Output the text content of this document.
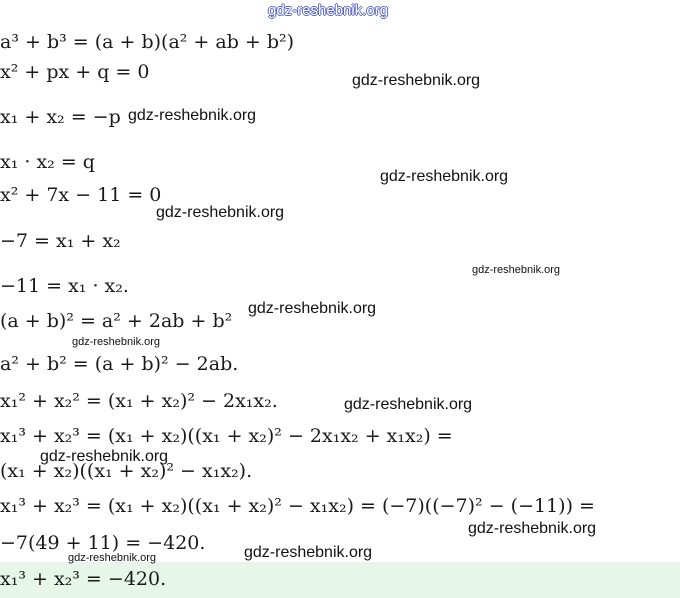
gdz-reshebnik.org
a³ + b³ = (a + b)(a² + ab + b²)
x² + px + q = 0
x₁ + x₂ = −p
x₁ · x₂ = q
x² + 7x − 11 = 0
−7 = x₁ + x₂
−11 = x₁ · x₂.
(a + b)² = a² + 2ab + b²
a² + b² = (a + b)² − 2ab.
x₁² + x₂² = (x₁ + x₂)² − 2x₁x₂.
x₁³ + x₂³ = (x₁ + x₂)((x₁ + x₂)² − 2x₁x₂ + x₁x₂) =
(x₁ + x₂)((x₁ + x₂)² − x₁x₂).
x₁³ + x₂³ = (x₁ + x₂)((x₁ + x₂)² − x₁x₂) = (−7)((−7)² − (−11)) =
−7(49 + 11) = −420.
x₁³ + x₂³ = −420.
gdz-reshebnik.org
gdz-reshebnik.org
gdz-reshebnik.org
gdz-reshebnik.org
gdz-reshebnik.org
gdz-reshebnik.org
gdz-reshebnik.org
gdz-reshebnik.org
gdz-reshebnik.org
gdz-reshebnik.org
gdz-reshebnik.org
gdz-reshebnik.org
